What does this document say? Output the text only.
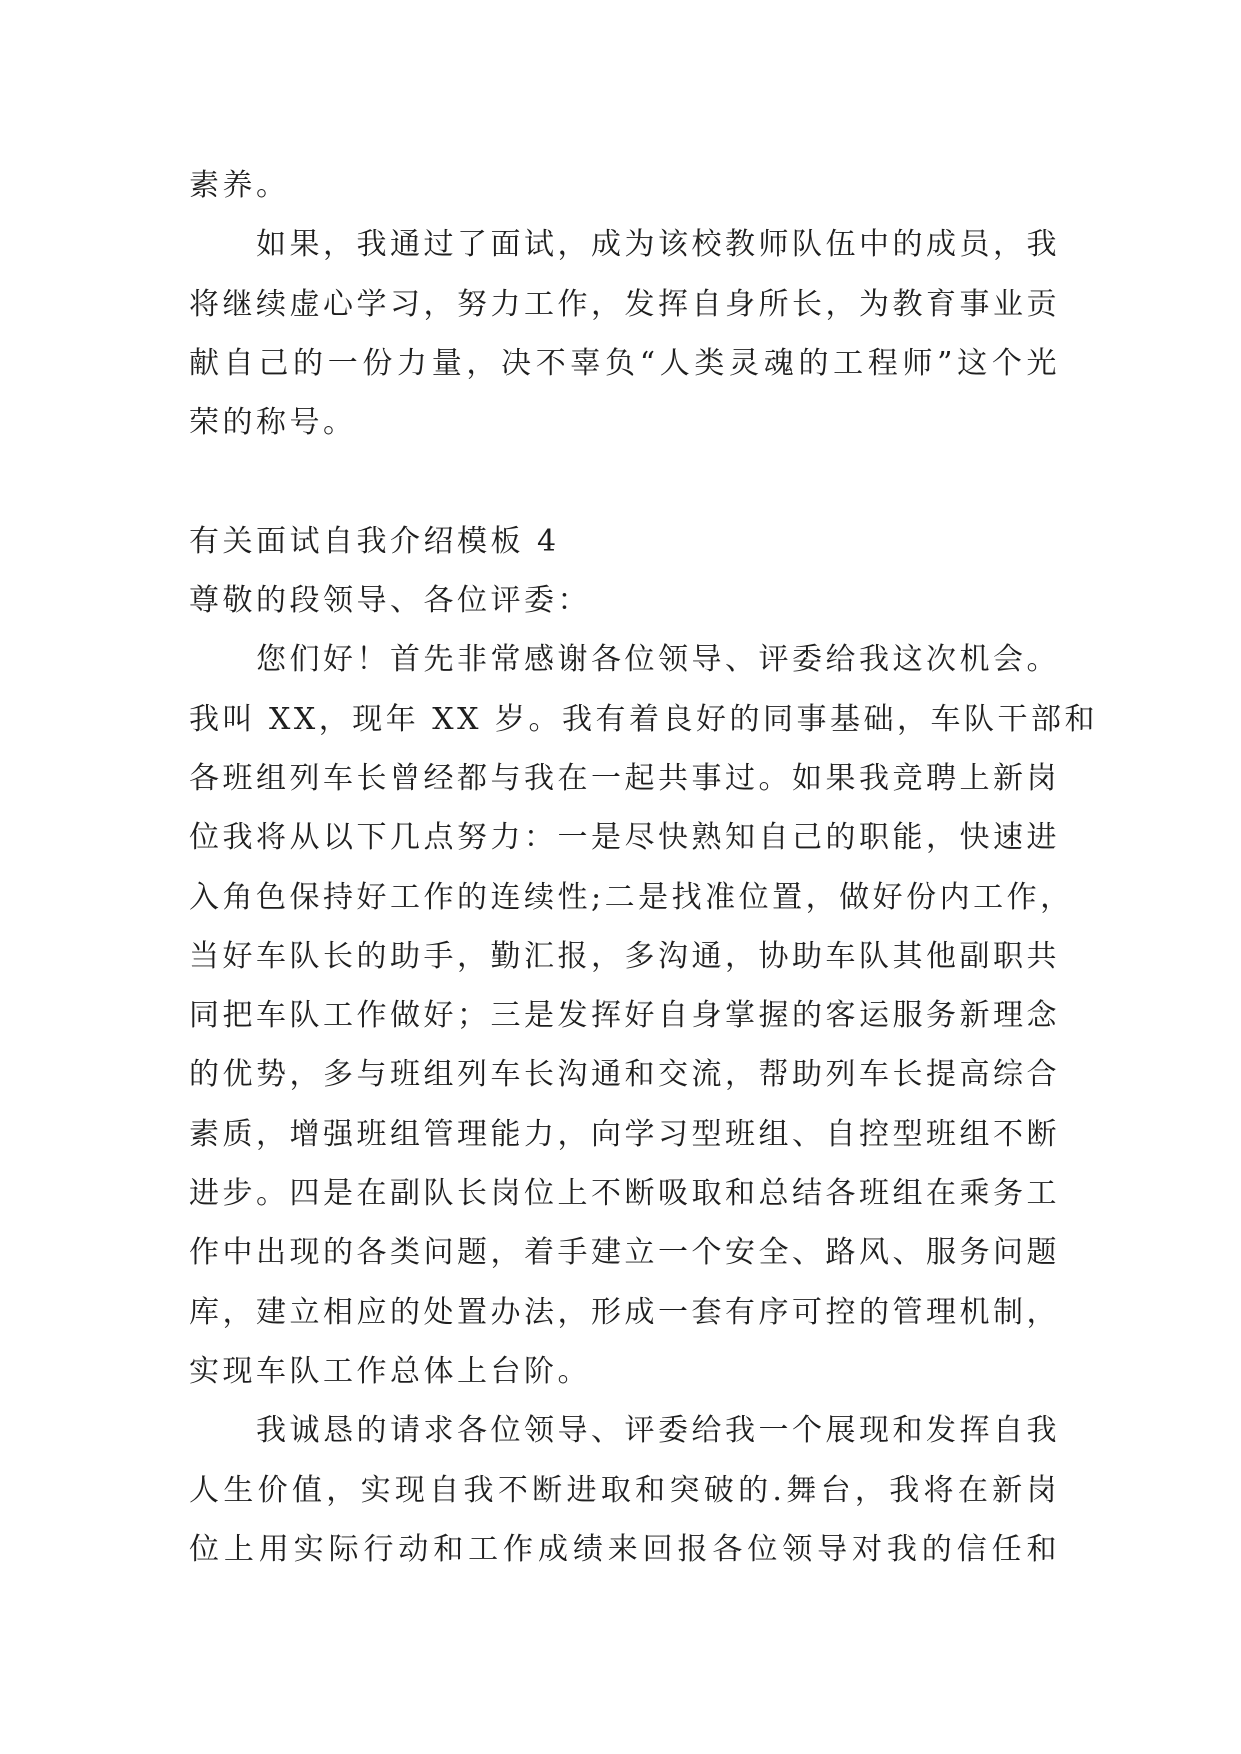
素养。
如果，我通过了面试，成为该校教师队伍中的成员，我
将继续虚心学习，努力工作，发挥自身所长，为教育事业贡
献自己的一份力量，决不辜负“人类灵魂的工程师”这个光
荣的称号。
有关面试自我介绍模板 4
尊敬的段领导、各位评委：
您们好！首先非常感谢各位领导、评委给我这次机会。
我叫 XX，现年 XX 岁。我有着良好的同事基础，车队干部和
各班组列车长曾经都与我在一起共事过。如果我竞聘上新岗
位我将从以下几点努力：一是尽快熟知自己的职能，快速进
入角色保持好工作的连续性;二是找准位置，做好份内工作，
当好车队长的助手，勤汇报，多沟通，协助车队其他副职共
同把车队工作做好；三是发挥好自身掌握的客运服务新理念
的优势，多与班组列车长沟通和交流，帮助列车长提高综合
素质，增强班组管理能力，向学习型班组、自控型班组不断
进步。四是在副队长岗位上不断吸取和总结各班组在乘务工
作中出现的各类问题，着手建立一个安全、路风、服务问题
库，建立相应的处置办法，形成一套有序可控的管理机制，
实现车队工作总体上台阶。
我诚恳的请求各位领导、评委给我一个展现和发挥自我
人生价值，实现自我不断进取和突破的.舞台，我将在新岗
位上用实际行动和工作成绩来回报各位领导对我的信任和
